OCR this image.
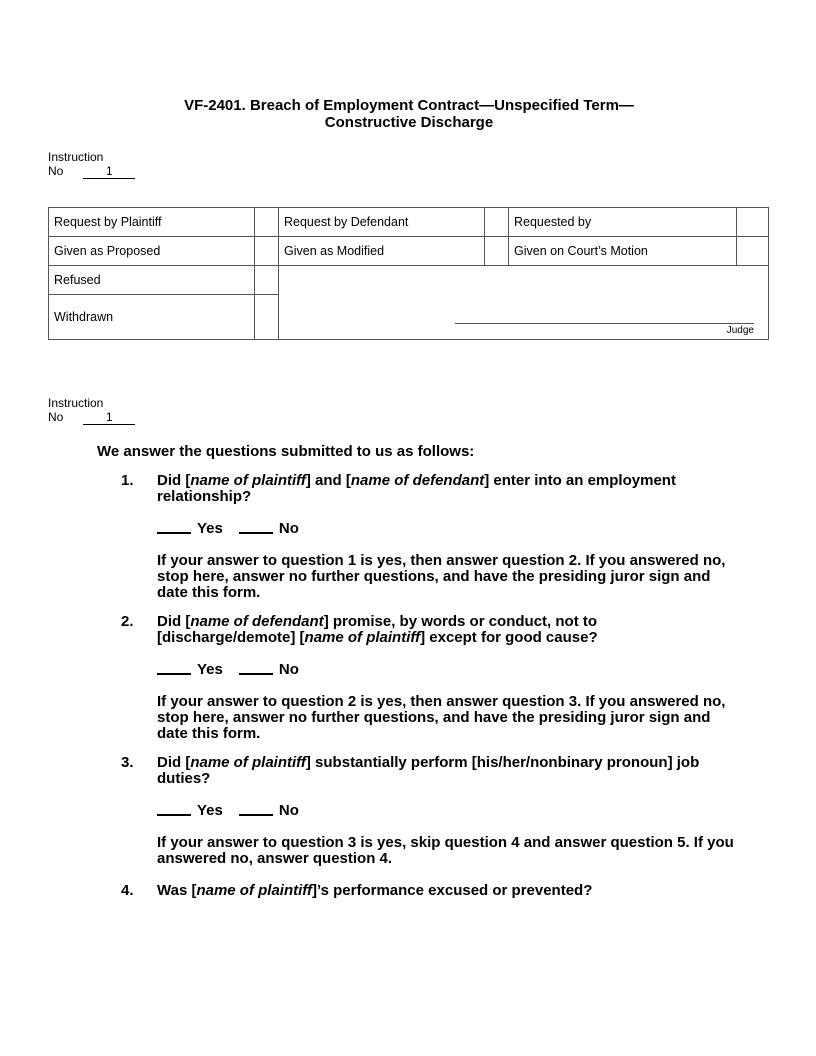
VF-2401. Breach of Employment Contract—Unspecified Term—
Constructive Discharge
Instruction
No	1
Request by Plaintiff		Request by Defendant		Requested by	
Given as Proposed		Given as Modified		Given on Court’s Motion	
Refused		Judge			

Withdrawn					
Instruction
No	1
We answer the questions submitted to us as follows:
1. Did [name of plaintiff] and [name of defendant] enter into an employment relationship?
Yes	No
If your answer to question 1 is yes, then answer question 2. If you answered no, stop here, answer no further questions, and have the presiding juror sign and date this form.
2. Did [name of defendant] promise, by words or conduct, not to [discharge/demote] [name of plaintiff] except for good cause?
Yes	No
If your answer to question 2 is yes, then answer question 3. If you answered no, stop here, answer no further questions, and have the presiding juror sign and date this form.
3. Did [name of plaintiff] substantially perform [his/her/nonbinary pronoun] job duties?
Yes	No
If your answer to question 3 is yes, skip question 4 and answer question 5. If you answered no, answer question 4.
4. Was [name of plaintiff]’s performance excused or prevented?
